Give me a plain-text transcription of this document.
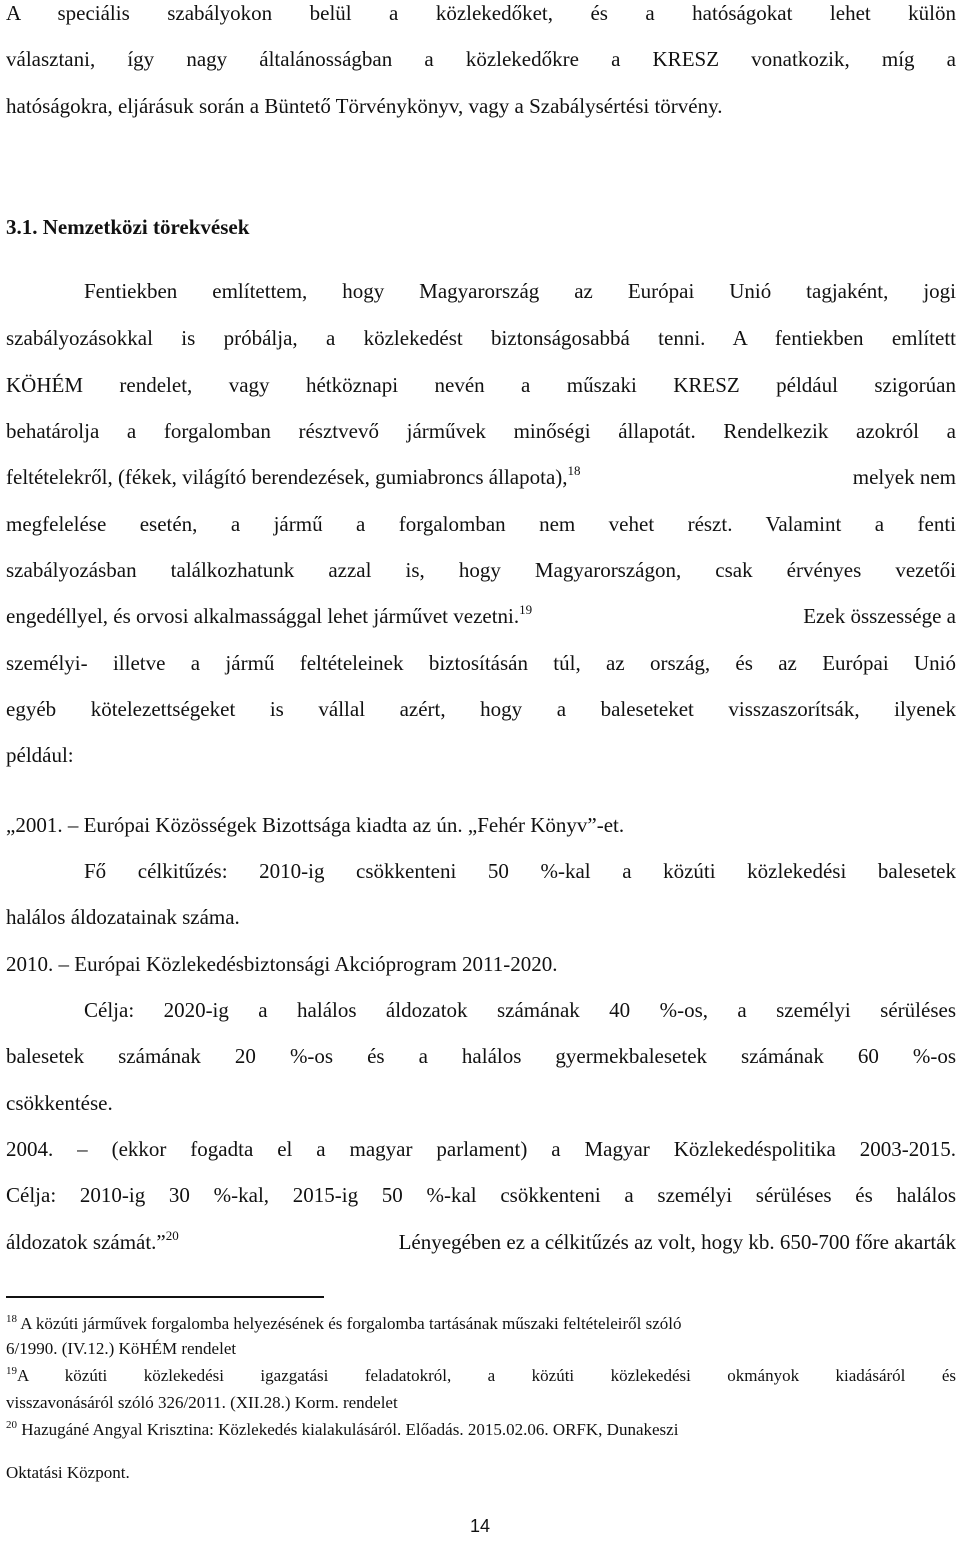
A speciális szabályokon belül a közlekedőket, és a hatóságokat lehet külön
választani, így nagy általánosságban a közlekedőkre a KRESZ vonatkozik, míg a
hatóságokra, eljárásuk során a Büntető Törvénykönyv, vagy a Szabálysértési törvény.
3.1. Nemzetközi törekvések
Fentiekben említettem, hogy Magyarország az Európai Unió tagjaként, jogi
szabályozásokkal is próbálja, a közlekedést biztonságosabbá tenni. A fentiekben említett
KÖHÉM rendelet, vagy hétköznapi nevén a műszaki KRESZ például szigorúan
behatárolja a forgalomban résztvevő járművek minőségi állapotát. Rendelkezik azokról a
feltételekről, (fékek, világító berendezések, gumiabroncs állapota),$^{18}$	melyek nem
megfelelése esetén, a jármű a forgalomban nem vehet részt. Valamint a fenti
szabályozásban találkozhatunk azzal is, hogy Magyarországon, csak érvényes vezetői
engedéllyel, és orvosi alkalmassággal lehet járművet vezetni.$^{19}$	Ezek összessége a
személyi- illetve a jármű feltételeinek biztosításán túl, az ország, és az Európai Unió
egyéb kötelezettségeket is vállal azért, hogy a baleseteket visszaszorítsák, ilyenek
például:
„2001. – Európai Közösségek Bizottsága kiadta az ún. „Fehér Könyv”-et.
Fő célkitűzés: 2010-ig csökkenteni 50 %-kal a közúti közlekedési balesetek
halálos áldozatainak száma.
2010. – Európai Közlekedésbiztonsági Akcióprogram 2011-2020.
Célja: 2020-ig a halálos áldozatok számának 40 %-os, a személyi sérüléses
balesetek számának 20 %-os és a halálos gyermekbalesetek számának 60 %-os
csökkentése.
2004. – (ekkor fogadta el a magyar parlament) a Magyar Közlekedéspolitika 2003-2015.
Célja: 2010-ig 30 %-kal, 2015-ig 50 %-kal csökkenteni a személyi sérüléses és halálos
áldozatok számát.”$^{20}$	Lényegében ez a célkitűzés az volt, hogy kb. 650-700 főre akarták
$^{18}$ A közúti járművek forgalomba helyezésének és forgalomba tartásának műszaki feltételeiről szóló
6/1990. (IV.12.) KöHÉM rendelet
$^{19}$A közúti közlekedési igazgatási feladatokról, a közúti közlekedési okmányok kiadásáról és
visszavonásáról szóló 326/2011. (XII.28.) Korm. rendelet
$^{20}$ Hazugáné Angyal Krisztina: Közlekedés kialakulásáról. Előadás. 2015.02.06. ORFK, Dunakeszi
Oktatási Központ.
14
